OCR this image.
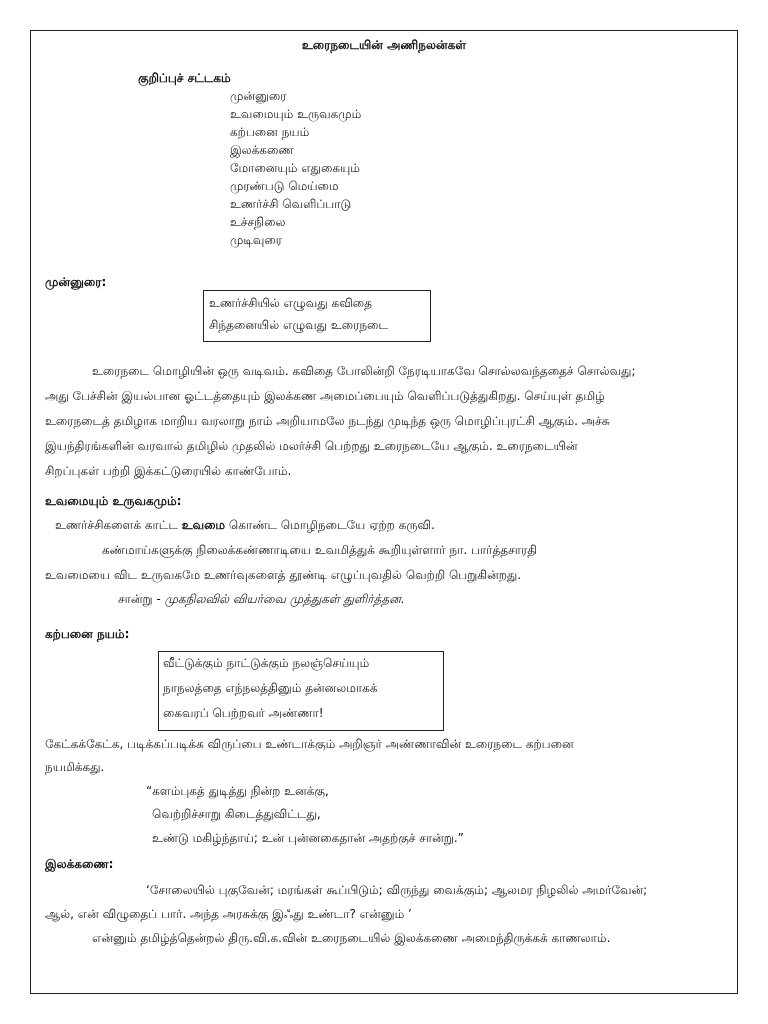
உரைநடையின் அணிநலன்கள்
குறிப்புச் சட்டகம்
முன்னுரை
உவமையும் உருவகமும்
கற்பனை நயம்
இலக்கணை
மோனையும் எதுகையும்
முரண்படு மெய்மை
உணர்ச்சி வெளிப்பாடு
உச்சநிலை
முடிவுரை
முன்னுரை:
உணர்ச்சியில் எழுவது கவிதை
சிந்தனையில் எழுவது உரைநடை
உரைநடை மொழியின் ஒரு வடிவம். கவிதை போலின்றி நேரடியாகவே சொல்லவந்ததைச் சொல்வது;
அது பேச்சின் இயல்பான ஓட்டத்தையும் இலக்கண அமைப்பையும் வெளிப்படுத்துகிறது. செய்யுள் தமிழ்
உரைநடைத் தமிழாக மாறிய வரலாறு நாம் அறியாமலே நடந்து முடிந்த ஒரு மொழிப்புரட்சி ஆகும். அச்சு
இயந்திரங்களின் வரவால் தமிழில் முதலில் மலர்ச்சி பெற்றது உரைநடையே ஆகும். உரைநடையின்
சிறப்புகள் பற்றி இக்கட்டுரையில் காண்போம்.
உவமையும் உருவகமும்:
உணர்ச்சிகளைக் காட்ட உவமை கொண்ட மொழிநடையே ஏற்ற கருவி.
கண்மாய்களுக்கு நிலைக்கண்ணாடியை உவமித்துக் கூறியுள்ளார் நா. பார்த்தசாரதி
உவமையை விட உருவகமே உணர்வுகளைத் தூண்டி எழுப்புவதில் வெற்றி பெறுகின்றது.
சான்று - முகநிலவில் வியர்வை முத்துகள் துளிர்த்தன.
கற்பனை நயம்:
வீட்டுக்கும் நாட்டுக்கும் நலஞ்செய்யும்
நாநலத்தை எந்நலத்தினும் தன்னலமாகக்
கைவரப் பெற்றவர் அண்ணா!
கேட்கக்கேட்க, படிக்கப்படிக்க விருப்பை உண்டாக்கும் அறிஞர் அண்ணாவின் உரைநடை கற்பனை
நயமிக்கது.
“களம்புகத் துடித்து நின்ற உனக்கு,
வெற்றிச்சாறு கிடைத்துவிட்டது,
உண்டு மகிழ்ந்தாய்; உன் புன்னகைதான் அதற்குச் சான்று.”
இலக்கணை:
‘சோலையில் புகுவேன்; மரங்கள் கூப்பிடும்; விருந்து வைக்கும்; ஆலமர நிழலில் அமர்வேன்;
ஆல், என் விழுதைப் பார். அந்த அரசுக்கு இஃது உண்டா? என்னும் ’
என்னும் தமிழ்த்தென்றல் திரு.வி.க.வின் உரைநடையில் இலக்கணை அமைந்திருக்கக் காணலாம்.
